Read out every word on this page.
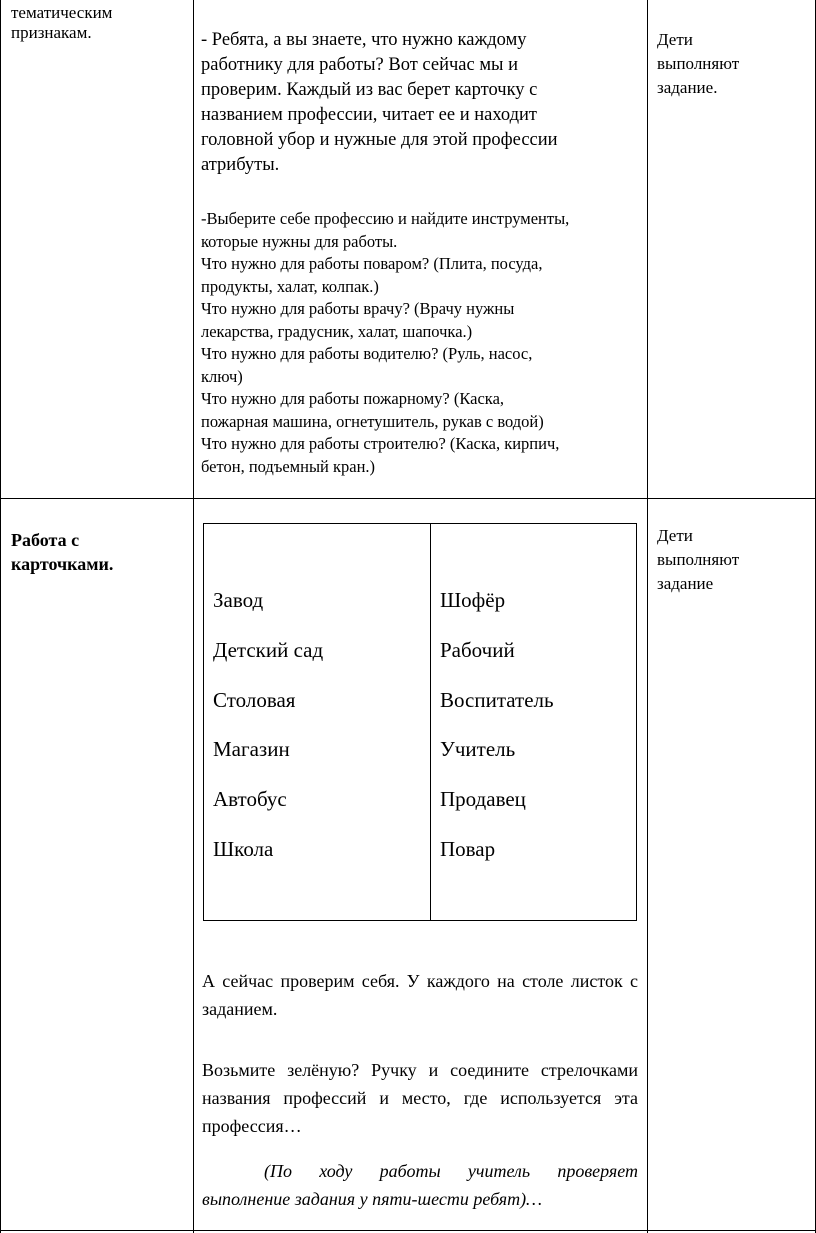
тематическим
признакам.	- Ребята, а вы знаете, что нужно каждому
работнику для работы? Вот сейчас мы и
проверим. Каждый из вас берет карточку с
названием профессии, читает ее и находит
головной убор и нужные для этой профессии
атрибуты.
-Выберите себе профессию и найдите инструменты,
которые нужны для работы.
Что нужно для работы поваром? (Плита, посуда,
продукты, халат, колпак.)
Что нужно для работы врачу? (Врачу нужны
лекарства, градусник, халат, шапочка.)
Что нужно для работы водителю? (Руль, насос,
ключ)
Что нужно для работы пожарному? (Каска,
пожарная машина, огнетушитель, рукав с водой)
Что нужно для работы строителю? (Каска, кирпич,
бетон, подъемный кран.)
Дети
выполняют
задание.
Работа с
карточками.
Завод
Детский сад
Столовая
Магазин
Автобус
Школа
Шофёр
Рабочий
Воспитатель
Учитель
Продавец
Повар
А сейчас проверим себя. У каждого на столе листок с заданием.
Возьмите зелёную? Ручку и соедините стрелочками названия профессий и место, где используется эта профессия…
(По ходу работы учитель проверяет выполнение задания у пяти-шести ребят)…
Дети
выполняют
задание
